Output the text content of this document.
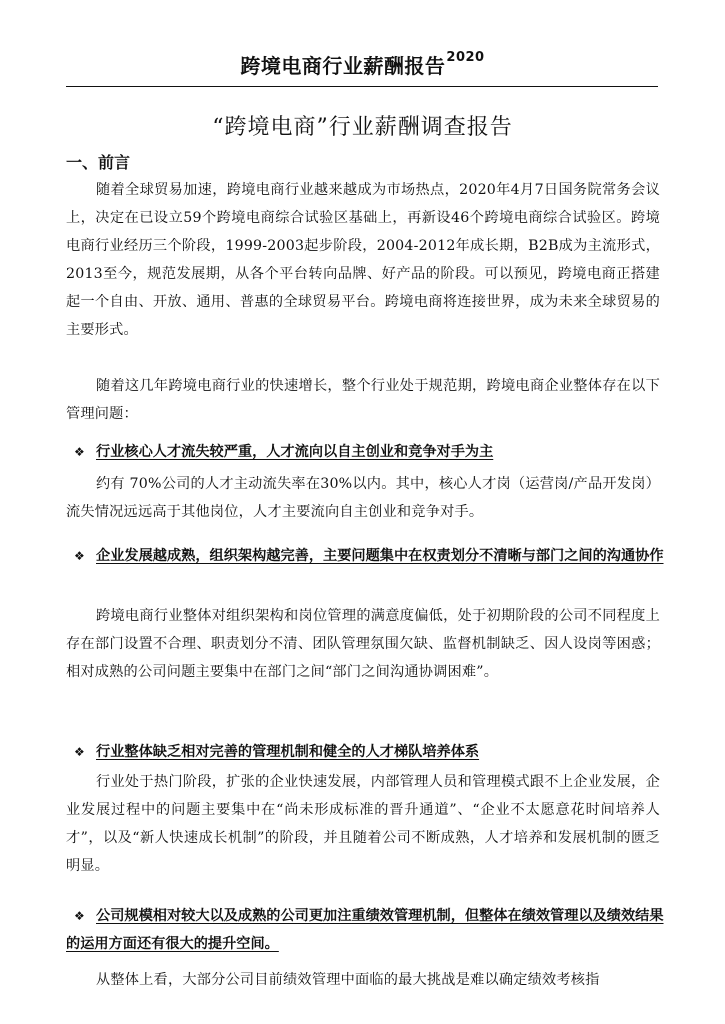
跨境电商行业薪酬报告$^{2020}$
“跨境电商”行业薪酬调查报告
一、前言

随着全球贸易加速，跨境电商行业越来越成为市场热点，2020年4月7日国务院常务会议上，决定在已设立59个跨境电商综合试验区基础上，再新设46个跨境电商综合试验区。跨境电商行业经历三个阶段，1999-2003起步阶段，2004-2012年成长期，B2B成为主流形式，2013至今，规范发展期，从各个平台转向品牌、好产品的阶段。可以预见，跨境电商正搭建起一个自由、开放、通用、普惠的全球贸易平台。跨境电商将连接世界，成为未来全球贸易的主要形式。

随着这几年跨境电商行业的快速增长，整个行业处于规范期，跨境电商企业整体存在以下管理问题：

❖ 行业核心人才流失较严重，人才流向以自主创业和竞争对手为主

约有 70%公司的人才主动流失率在30%以内。其中，核心人才岗（运营岗/产品开发岗）流失情况远远高于其他岗位，人才主要流向自主创业和竞争对手。

❖ 企业发展越成熟，组织架构越完善，主要问题集中在权责划分不清晰与部门之间的沟通协作

跨境电商行业整体对组织架构和岗位管理的满意度偏低，处于初期阶段的公司不同程度上存在部门设置不合理、职责划分不清、团队管理氛围欠缺、监督机制缺乏、因人设岗等困惑；相对成熟的公司问题主要集中在部门之间“部门之间沟通协调困难”。

❖ 行业整体缺乏相对完善的管理机制和健全的人才梯队培养体系

行业处于热门阶段，扩张的企业快速发展，内部管理人员和管理模式跟不上企业发展，企业发展过程中的问题主要集中在“尚未形成标准的晋升通道”、“企业不太愿意花时间培养人才”，以及“新人快速成长机制”的阶段，并且随着公司不断成熟，人才培养和发展机制的匮乏明显。

❖ 公司规模相对较大以及成熟的公司更加注重绩效管理机制，但整体在绩效管理以及绩效结果的运用方面还有很大的提升空间。

从整体上看，大部分公司目前绩效管理中面临的最大挑战是难以确定绩效考核指
